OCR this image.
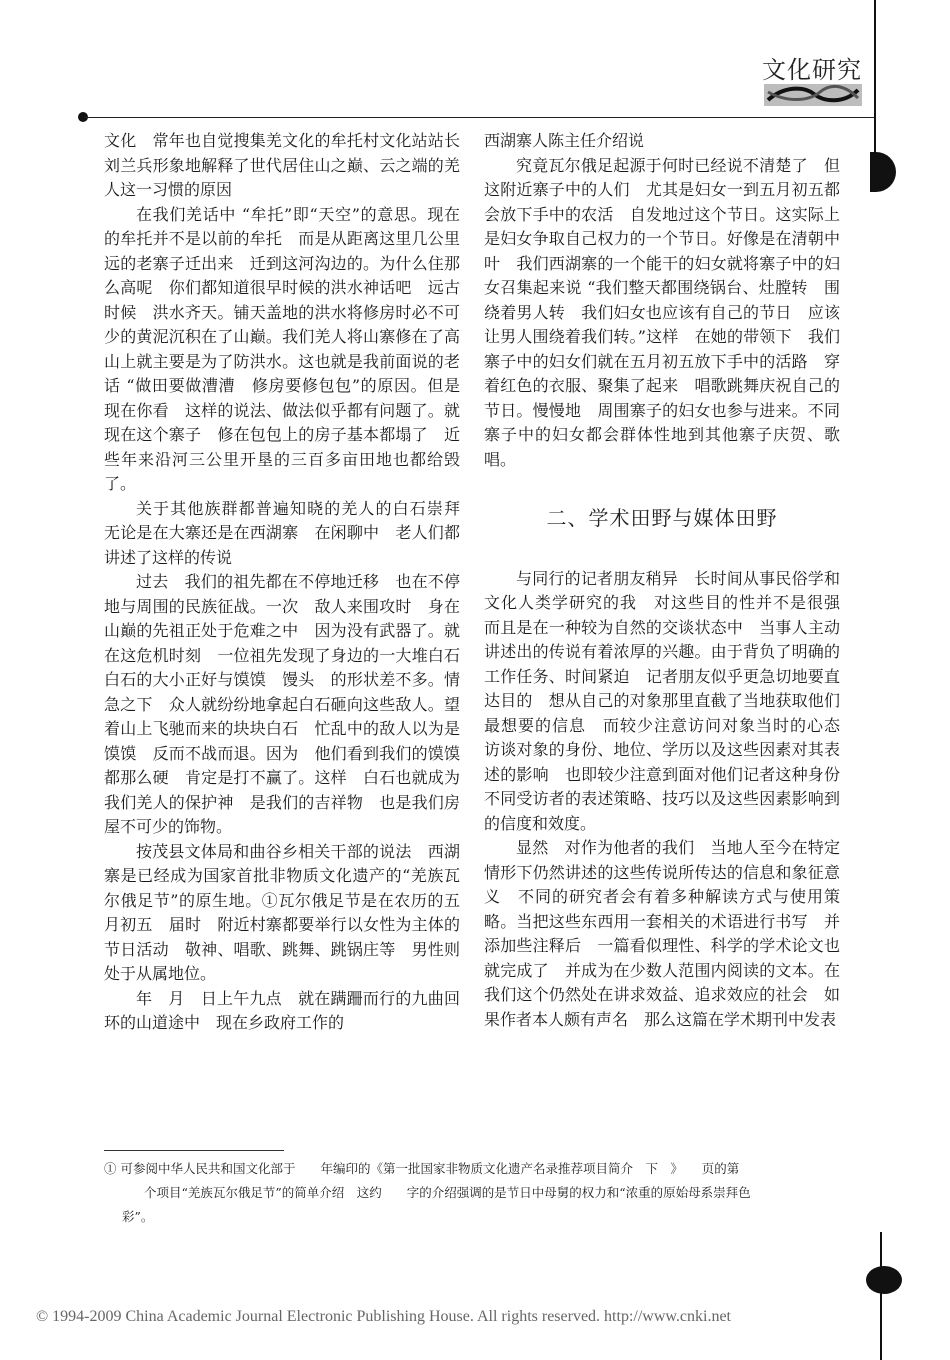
文化研究

文化　常年也自觉搜集羌文化的牟托村文化站站长刘兰兵形象地解释了世代居住山之巅、云之端的羌人这一习惯的原因

在我们羌话中 “牟托”即“天空”的意思。现在的牟托并不是以前的牟托　而是从距离这里几公里远的老寨子迁出来　迁到这河沟边的。为什么住那么高呢　你们都知道很早时候的洪水神话吧　远古时候　洪水齐天。铺天盖地的洪水将修房时必不可少的黄泥沉积在了山巅。我们羌人将山寨修在了高山上就主要是为了防洪水。这也就是我前面说的老话 “做田要做漕漕　修房要修包包”的原因。但是　现在你看　这样的说法、做法似乎都有问题了。就现在这个寨子　修在包包上的房子基本都塌了　近些年来沿河三公里开垦的三百多亩田地也都给毁了。

关于其他族群都普遍知晓的羌人的白石崇拜　无论是在大寨还是在西湖寨　在闲聊中　老人们都讲述了这样的传说

过去　我们的祖先都在不停地迁移　也在不停地与周围的民族征战。一次　敌人来围攻时　身在山巅的先祖正处于危难之中　因为没有武器了。就在这危机时刻　一位祖先发现了身边的一大堆白石　白石的大小正好与馍馍　馒头　的形状差不多。情急之下　众人就纷纷地拿起白石砸向这些敌人。望着山上飞驰而来的块块白石　忙乱中的敌人以为是馍馍　反而不战而退。因为　他们看到我们的馍馍都那么硬　肯定是打不赢了。这样　白石也就成为我们羌人的保护神　是我们的吉祥物　也是我们房屋不可少的饰物。

按茂县文体局和曲谷乡相关干部的说法　西湖寨是已经成为国家首批非物质文化遗产的“羌族瓦尔俄足节”的原生地。①瓦尔俄足节是在农历的五月初五　届时　附近村寨都要举行以女性为主体的节日活动　敬神、唱歌、跳舞、跳锅庄等　男性则处于从属地位。

年　月　日上午九点　就在蹒跚而行的九曲回环的山道途中　现在乡政府工作的

西湖寨人陈主任介绍说

究竟瓦尔俄足起源于何时已经说不清楚了　但这附近寨子中的人们　尤其是妇女一到五月初五都会放下手中的农活　自发地过这个节日。这实际上是妇女争取自己权力的一个节日。好像是在清朝中叶　我们西湖寨的一个能干的妇女就将寨子中的妇女召集起来说 “我们整天都围绕锅台、灶膛转　围绕着男人转　我们妇女也应该有自己的节日　应该让男人围绕着我们转。”这样　在她的带领下　我们寨子中的妇女们就在五月初五放下手中的活路　穿着红色的衣服、聚集了起来　唱歌跳舞庆祝自己的节日。慢慢地　周围寨子的妇女也参与进来。不同寨子中的妇女都会群体性地到其他寨子庆贺、歌唱。

二、学术田野与媒体田野

与同行的记者朋友稍异　长时间从事民俗学和文化人类学研究的我　对这些目的性并不是很强　而且是在一种较为自然的交谈状态中　当事人主动讲述出的传说有着浓厚的兴趣。由于背负了明确的工作任务、时间紧迫　记者朋友似乎更急切地要直达目的　想从自己的对象那里直截了当地获取他们最想要的信息　而较少注意访问对象当时的心态　访谈对象的身份、地位、学历以及这些因素对其表述的影响　也即较少注意到面对他们记者这种身份　不同受访者的表述策略、技巧以及这些因素影响到的信度和效度。

显然　对作为他者的我们　当地人至今在特定情形下仍然讲述的这些传说所传达的信息和象征意义　不同的研究者会有着多种解读方式与使用策略。当把这些东西用一套相关的术语进行书写　并添加些注释后　一篇看似理性、科学的学术论文也就完成了　并成为在少数人范围内阅读的文本。在我们这个仍然处在讲求效益、追求效应的社会　如果作者本人颇有声名　那么这篇在学术期刊中发表

① 可参阅中华人民共和国文化部于　　年编印的《第一批国家非物质文化遗产名录推荐项目简介　下　》　　页的第
个项目“羌族瓦尔俄足节”的简单介绍　这约　　字的介绍强调的是节日中母舅的权力和“浓重的原始母系崇拜色
彩”。
© 1994-2009 China Academic Journal Electronic Publishing House. All rights reserved. http://www.cnki.net
